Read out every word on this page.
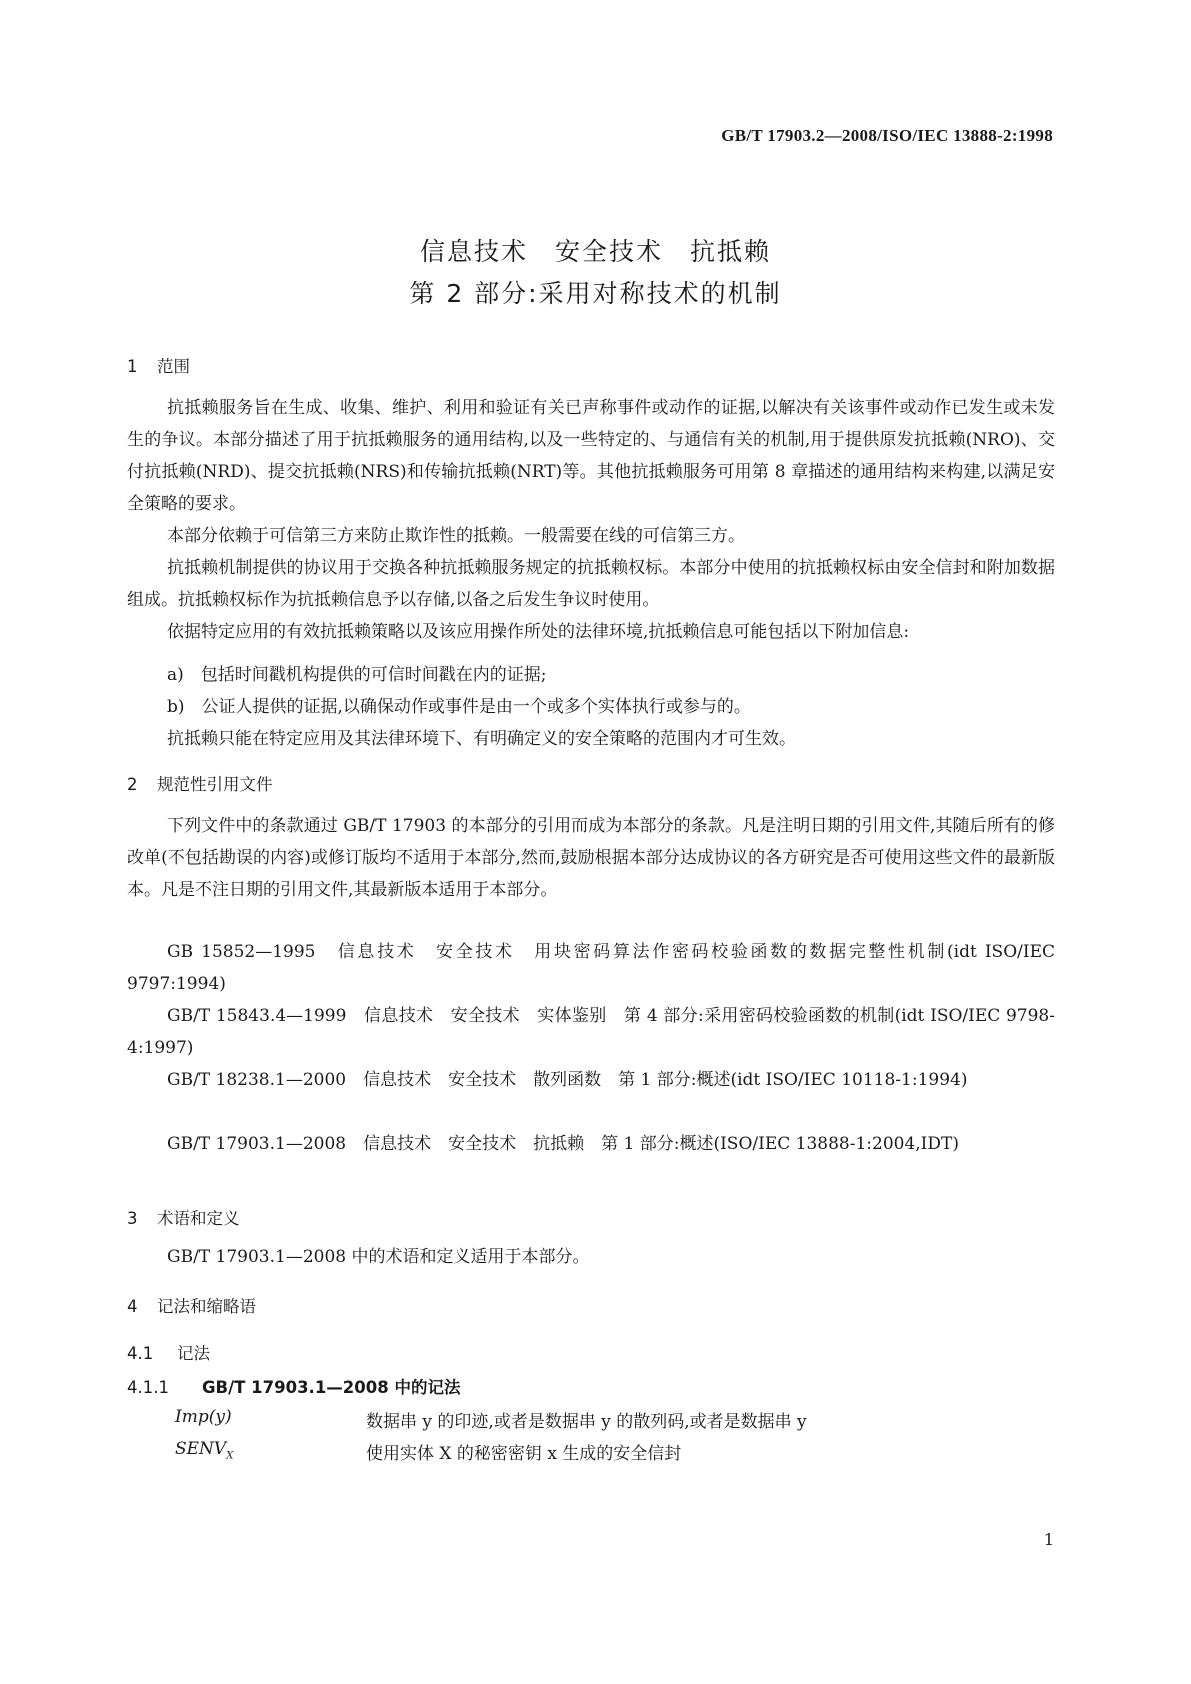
GB/T 17903.2—2008/ISO/IEC 13888-2:1998
信息技术　安全技术　抗抵赖
第 2 部分:采用对称技术的机制
1 范围
抗抵赖服务旨在生成、收集、维护、利用和验证有关已声称事件或动作的证据,以解决有关该事件或动作已发生或未发生的争议。本部分描述了用于抗抵赖服务的通用结构,以及一些特定的、与通信有关的机制,用于提供原发抗抵赖(NRO)、交付抗抵赖(NRD)、提交抗抵赖(NRS)和传输抗抵赖(NRT)等。其他抗抵赖服务可用第 8 章描述的通用结构来构建,以满足安全策略的要求。
本部分依赖于可信第三方来防止欺诈性的抵赖。一般需要在线的可信第三方。
抗抵赖机制提供的协议用于交换各种抗抵赖服务规定的抗抵赖权标。本部分中使用的抗抵赖权标由安全信封和附加数据组成。抗抵赖权标作为抗抵赖信息予以存储,以备之后发生争议时使用。
依据特定应用的有效抗抵赖策略以及该应用操作所处的法律环境,抗抵赖信息可能包括以下附加信息:
a)　包括时间戳机构提供的可信时间戳在内的证据;
b)　公证人提供的证据,以确保动作或事件是由一个或多个实体执行或参与的。
抗抵赖只能在特定应用及其法律环境下、有明确定义的安全策略的范围内才可生效。
2 规范性引用文件
下列文件中的条款通过 GB/T 17903 的本部分的引用而成为本部分的条款。凡是注明日期的引用文件,其随后所有的修改单(不包括勘误的内容)或修订版均不适用于本部分,然而,鼓励根据本部分达成协议的各方研究是否可使用这些文件的最新版本。凡是不注日期的引用文件,其最新版本适用于本部分。
GB 15852—1995　信息技术　安全技术　用块密码算法作密码校验函数的数据完整性机制(idt ISO/IEC 9797:1994)
GB/T 15843.4—1999　信息技术　安全技术　实体鉴别　第 4 部分:采用密码校验函数的机制(idt ISO/IEC 9798-4:1997)
GB/T 18238.1—2000　信息技术　安全技术　散列函数　第 1 部分:概述(idt ISO/IEC 10118-1:1994)
GB/T 17903.1—2008　信息技术　安全技术　抗抵赖　第 1 部分:概述(ISO/IEC 13888-1:2004,IDT)
3 术语和定义
GB/T 17903.1—2008 中的术语和定义适用于本部分。
4 记法和缩略语
4.1 记法
4.1.1 GB/T 17903.1—2008 中的记法
Imp(y)	数据串 y 的印迹,或者是数据串 y 的散列码,或者是数据串 y
$SENV_X$	使用实体 X 的秘密密钥 x 生成的安全信封
1
